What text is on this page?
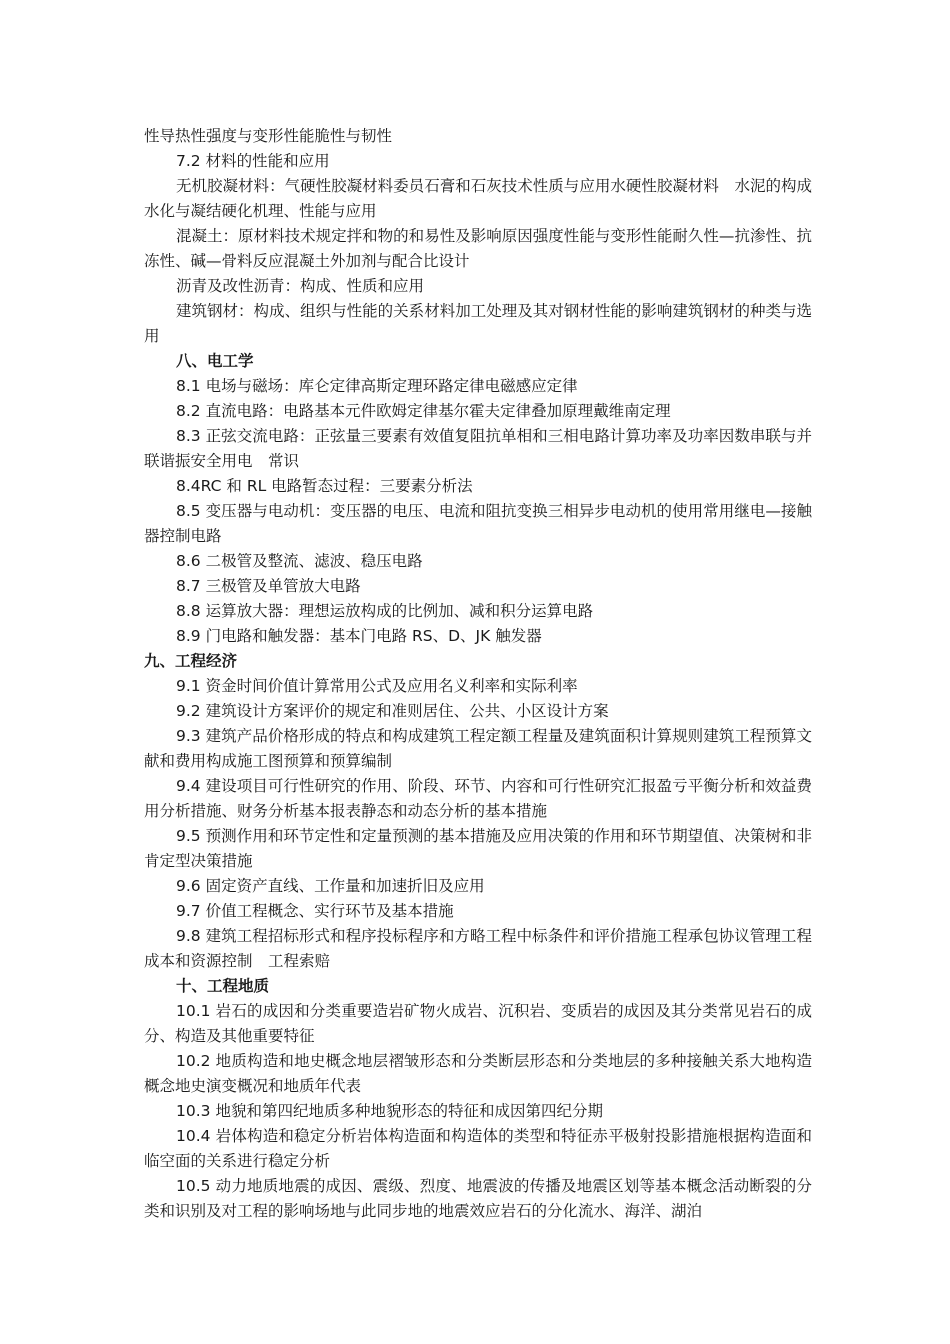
性导热性强度与变形性能脆性与韧性
7.2 材料的性能和应用

无机胶凝材料：气硬性胶凝材料委员石膏和石灰技术性质与应用水硬性胶凝材料　水泥的构成水化与凝结硬化机理、性能与应用

混凝土：原材料技术规定拌和物的和易性及影响原因强度性能与变形性能耐久性—抗渗性、抗冻性、碱—骨料反应混凝土外加剂与配合比设计

沥青及改性沥青：构成、性质和应用

建筑钢材：构成、组织与性能的关系材料加工处理及其对钢材性能的影响建筑钢材的种类与选用

八、电工学
8.1 电场与磁场：库仑定律高斯定理环路定律电磁感应定律
8.2 直流电路：电路基本元件欧姆定律基尔霍夫定律叠加原理戴维南定理

8.3 正弦交流电路：正弦量三要素有效值复阻抗单相和三相电路计算功率及功率因数串联与并联谐振安全用电　常识

8.4RC 和 RL 电路暂态过程：三要素分析法

8.5 变压器与电动机：变压器的电压、电流和阻抗变换三相异步电动机的使用常用继电—接触器控制电路

8.6 二极管及整流、滤波、稳压电路
8.7 三极管及单管放大电路
8.8 运算放大器：理想运放构成的比例加、减和积分运算电路
8.9 门电路和触发器：基本门电路 RS、D、JK 触发器
九、工程经济
9.1 资金时间价值计算常用公式及应用名义利率和实际利率
9.2 建筑设计方案评价的规定和准则居住、公共、小区设计方案

9.3 建筑产品价格形成的特点和构成建筑工程定额工程量及建筑面积计算规则建筑工程预算文献和费用构成施工图预算和预算编制

9.4 建设项目可行性研究的作用、阶段、环节、内容和可行性研究汇报盈亏平衡分析和效益费用分析措施、财务分析基本报表静态和动态分析的基本措施

9.5 预测作用和环节定性和定量预测的基本措施及应用决策的作用和环节期望值、决策树和非肯定型决策措施

9.6 固定资产直线、工作量和加速折旧及应用
9.7 价值工程概念、实行环节及基本措施

9.8 建筑工程招标形式和程序投标程序和方略工程中标条件和评价措施工程承包协议管理工程成本和资源控制　工程索赔

十、工程地质

10.1 岩石的成因和分类重要造岩矿物火成岩、沉积岩、变质岩的成因及其分类常见岩石的成分、构造及其他重要特征

10.2 地质构造和地史概念地层褶皱形态和分类断层形态和分类地层的多种接触关系大地构造概念地史演变概况和地质年代表

10.3 地貌和第四纪地质多种地貌形态的特征和成因第四纪分期

10.4 岩体构造和稳定分析岩体构造面和构造体的类型和特征赤平极射投影措施根据构造面和临空面的关系进行稳定分析

10.5 动力地质地震的成因、震级、烈度、地震波的传播及地震区划等基本概念活动断裂的分类和识别及对工程的影响场地与此同步地的地震效应岩石的分化流水、海洋、湖泊
